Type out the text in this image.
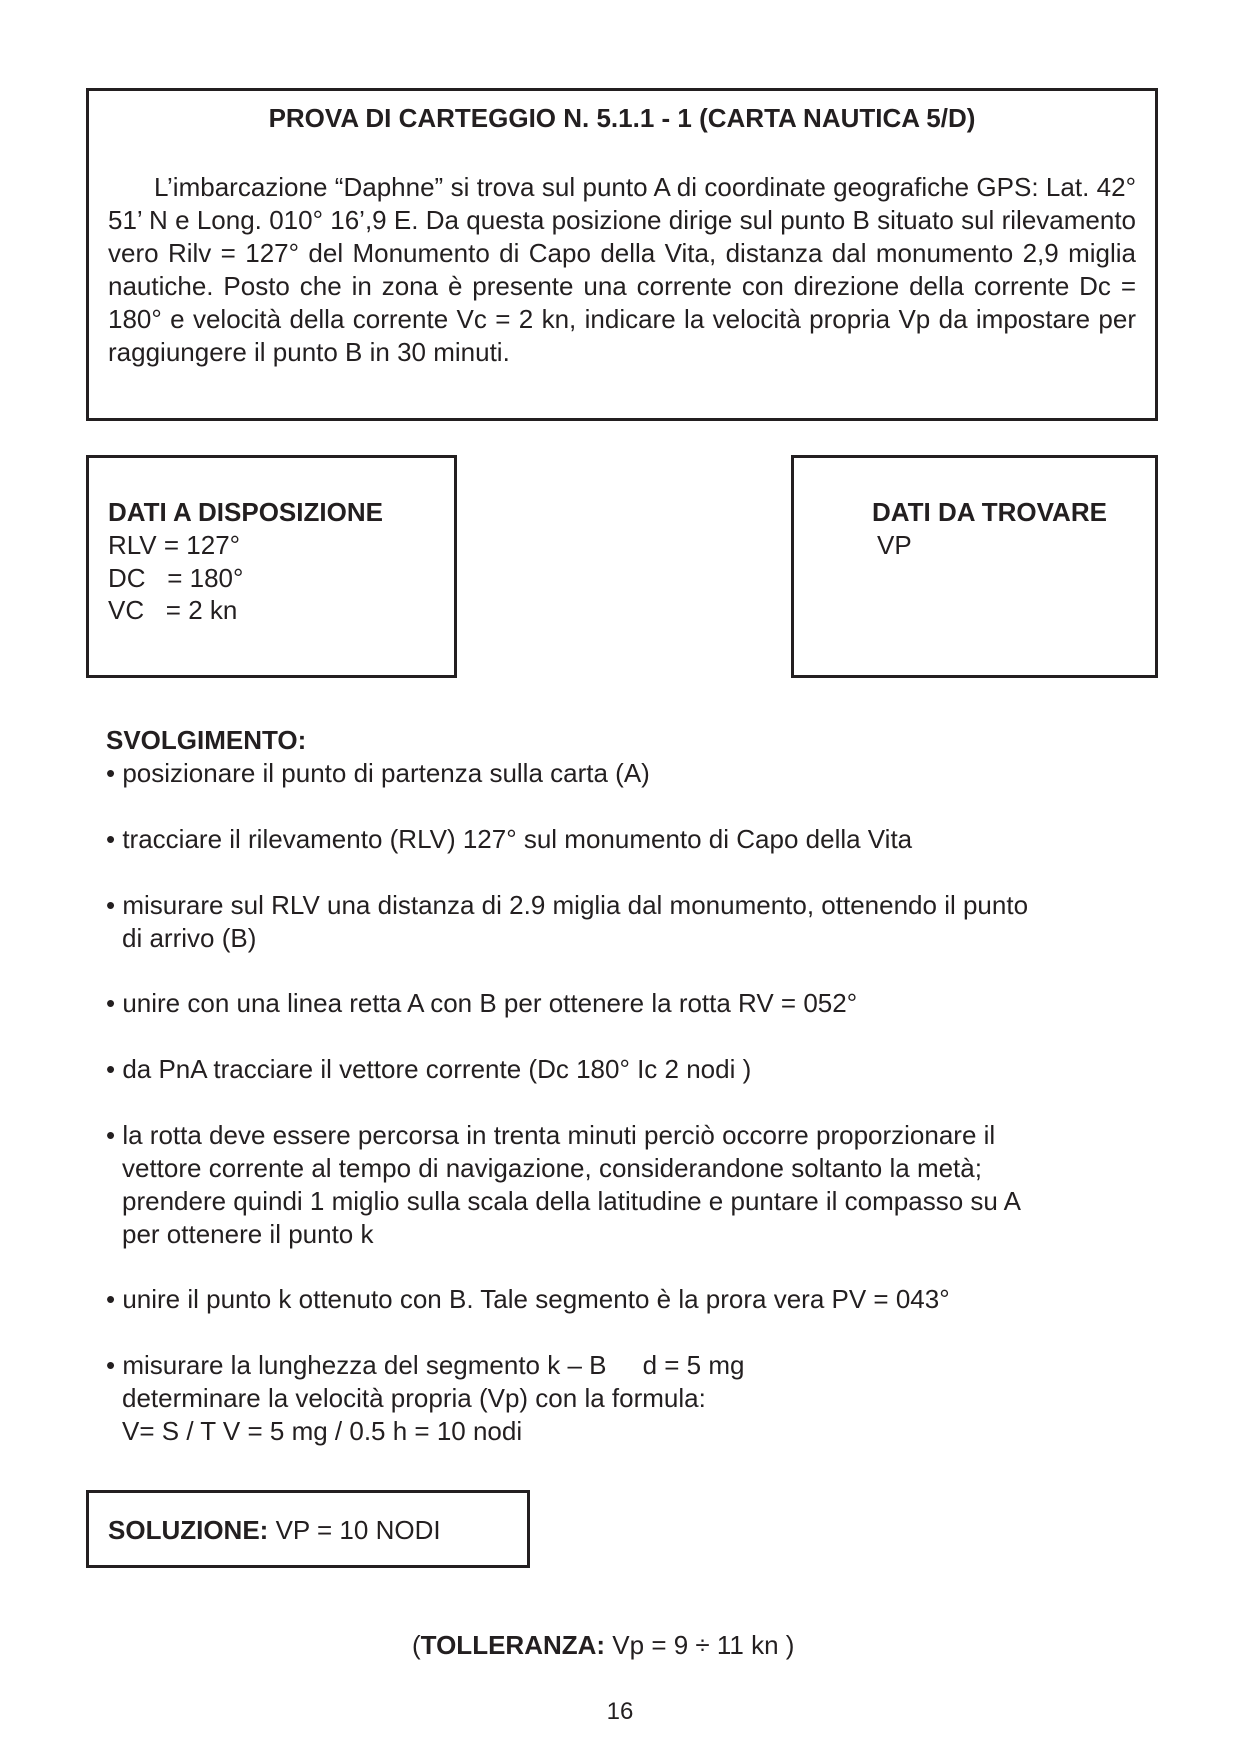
PROVA DI CARTEGGIO N. 5.1.1 - 1 (CARTA NAUTICA 5/D)
L’imbarcazione “Daphne” si trova sul punto A di coordinate geografiche GPS: Lat. 42° 51’ N e Long. 010° 16’,9 E. Da questa posizione dirige sul punto B situato sul rilevamento vero Rilv = 127° del Monumento di Capo della Vita, distanza dal monumento 2,9 miglia nautiche. Posto che in zona è presente una corrente con direzione della corrente Dc = 180° e velocità della corrente Vc = 2 kn, indicare la velocità propria Vp da impostare per raggiungere il punto B in 30 minuti.
DATI A DISPOSIZIONE
RLV = 127°
DC   = 180°
VC   = 2 kn
DATI DA TROVARE
VP
SVOLGIMENTO:
• posizionare il punto di partenza sulla carta (A)
• tracciare il rilevamento (RLV) 127° sul monumento di Capo della Vita
• misurare sul RLV una distanza di 2.9 miglia dal monumento, ottenendo il punto
di arrivo (B)
• unire con una linea retta A con B per ottenere la rotta RV = 052°
• da PnA tracciare il vettore corrente (Dc 180° Ic 2 nodi )
• la rotta deve essere percorsa in trenta minuti perciò occorre proporzionare il
vettore corrente al tempo di navigazione, considerandone soltanto la metà;
prendere quindi 1 miglio sulla scala della latitudine e puntare il compasso su A
per ottenere il punto k
• unire il punto k ottenuto con B. Tale segmento è la prora vera PV = 043°
• misurare la lunghezza del segmento k – B     d = 5 mg
determinare la velocità propria (Vp) con la formula:
V= S / T V = 5 mg / 0.5 h = 10 nodi
SOLUZIONE: VP = 10 NODI
(TOLLERANZA: Vp = 9 ÷ 11 kn )
16
